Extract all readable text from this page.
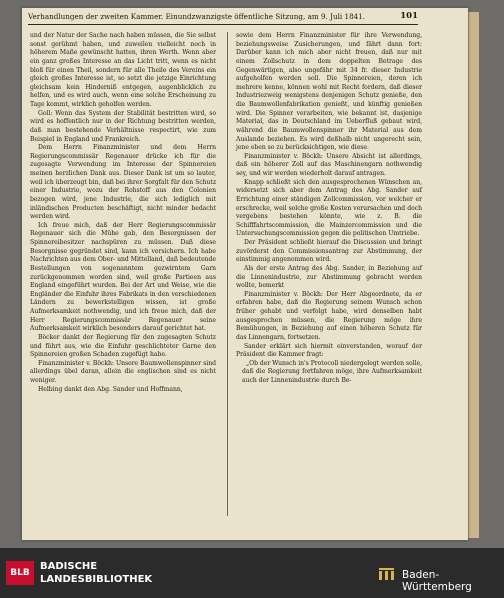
Verhandlungen der zweiten Kammer. Einundzwanzigste öffentliche Sitzung, am 9. Juli 1841.	101

und der Natur der Sache nach haben müssen, die Sie selbst sonst gerühmt haben, und zuweilen vielleicht noch in höherem Maße gewünscht hatten, ihren Werth. Wenn aber ein ganz großes Interesse an das Licht tritt, wenn es nicht bloß für einen Theil, sondern für alle Theile des Vereins ein gleich großes Interesse ist, so setzt die jetzige Einrichtung gleichsam kein Hinderniß entgegen, augenblicklich zu helfen, und es wird auch, wenn eine solche Erscheinung zu Tage kommt, wirklich geholfen werden.

Goll: Wenn das System der Stabilität bestritten wird, so wird es hoffentlich nur in der Richtung bestritten werden, daß man bestehende Verhältnisse respectirt, wie zum Beispiel in England und Frankreich.

Dem Herrn Finanzminister und dem Herrn Regierungscommissär Regenauer drücke ich für die zugesagte Verwendung im Interesse der Spinnereien meinen herzlichen Dank aus. Dieser Dank ist um so lauter, weil ich überzeugt bin, daß bei ihrer Sorgfalt für den Schutz einer Industrie, wozu der Rohstoff aus den Colonien bezogen wird, jene Industrie, die sich lediglich mit inländischen Producten beschäftigt, nicht minder bedacht werden wird.

Ich freue mich, daß der Herr Regierungscommissär Regenauer sich die Mühe gab, den Besorgnissen der Spinnereibesitzer nachspüren zu müssen. Daß diese Besorgnisse gegründet sind, kann ich versichern. Ich habe Nachrichten aus dem Ober- und Mittelland, daß bedeutende Bestellungen von sogenanntem gezwirntem Garn zurückgenommen worden sind, weil große Partieen aus England eingeführt wurden. Bei der Art und Weise, wie die Engländer die Einfuhr ihres Fabrikats in den verschiedenen Ländern zu bewerkstelligen wissen, ist große Aufmerksamkeit nothwendig, und ich freue mich, daß der Herr Regierungscommissär Regenauer seine Aufmerksamkeit wirklich besonders darauf gerichtet hat.

Böcker dankt der Regierung für den zugesagten Schutz und führt aus, wie die Einfuhr geschlichteter Garne den Spinnereien großen Schaden zugefügt habe.

Finanzminister v. Böckh: Unsere Baumwollenspinner sind allerdings übel daran, allein die englischen sind es nicht weniger.

Helbing dankt den Abg. Sander und Hoffmann,

sowie dem Herrn Finanzminister für ihre Verwendung, beziehungsweise Zusicherungen, und fährt dann fort: Darüber kann ich mich aber nicht freuen, daß nur mit einem Zollschutz in dem doppelten Betrage des Gegenwärtigen, also ungefähr mit 34 fr. dieser Industrie aufgeholfen werden soll. Die Spinnereien, deren ich mehrere kenne, können wohl mit Recht fordern, daß dieser Industriezweig wenigstens denjenigen Schutz genieße, den die Baumwollenfabrikation genießt, und künftig genießen wird. Die Spinner verarbeiten, wie bekannt ist, dasjenige Material, das in Deutschland im Ueberfluß gebaut wird, während die Baumwollenspinner ihr Material aus dem Auslande beziehen. Es wird deßhalb nicht ungerecht sein, jene eben so zu berücksichtigen, wie diese.

Finanzminister v. Böckh: Unsere Absicht ist allerdings, daß ein höherer Zoll auf das Maschinengarn nothwendig sey, und wir werden wiederholt darauf antragen.

Knapp schließt sich den ausgesprochenen Wünschen an, widersetzt sich aber dem Antrag des Abg. Sander auf Errichtung einer ständigen Zollcommission, vor welcher er erschrecke, weil solche große Kosten verursachen und doch vergebens bestehen könnte, wie z. B. die Schifffahrtscommission, die Mainzercommission und die Untersuchungscommission gegen die politischen Umtriebe.

Der Präsident schließt hierauf die Discussion und bringt zuvörderst den Commissionsantrag zur Abstimmung, der einstimmig angenommen wird.

Als der erste Antrag des Abg. Sander, in Beziehung auf die Linnenindustrie, zur Abstimmung gebracht werden wollte, bemerkt

Finanzminister v. Böckh: Der Herr Abgeordnete, da er erfahren habe, daß die Regierung seinem Wunsch schon früher gehabt und verfolgt habe, wird denselben habt ausgesprochen müssen, die Regierung möge ihre Bemühungen, in Beziehung auf einen höheren Schutz für das Linnengarn, fortsetzen.

Sander erklärt sich hiermit einverstanden, worauf der Präsident die Kammer fragt:

„Ob der Wunsch in's Protocoll niedergelegt werden solle, daß die Regierung fortfahren möge, ihre Aufmerksamkeit auch der Linnenindustrie durch Be-

BLB
BADISCHE
LANDESBIBLIOTHEK	Baden-Württemberg
